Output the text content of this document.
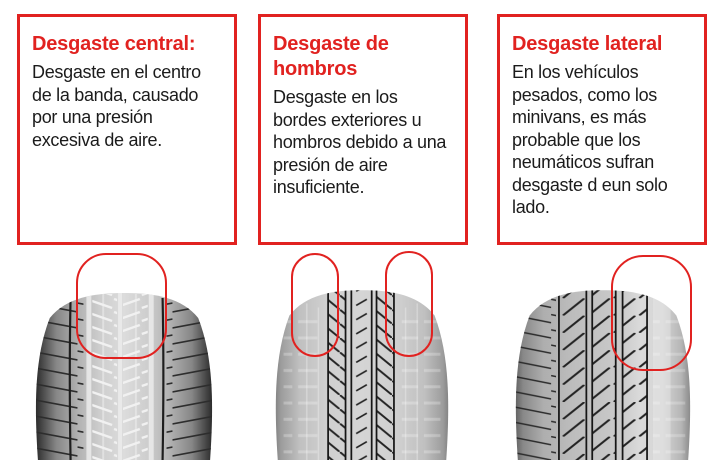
Desgaste central:

Desgaste en el centro de la banda, causado por una presión excesiva de aire.

Desgaste de hombros

Desgaste en los bordes exteriores u hombros debido a una presión de aire insuficiente.

Desgaste lateral

En los vehículos pesados, como los minivans, es más probable que los neumáticos sufran desgaste d eun solo lado.
